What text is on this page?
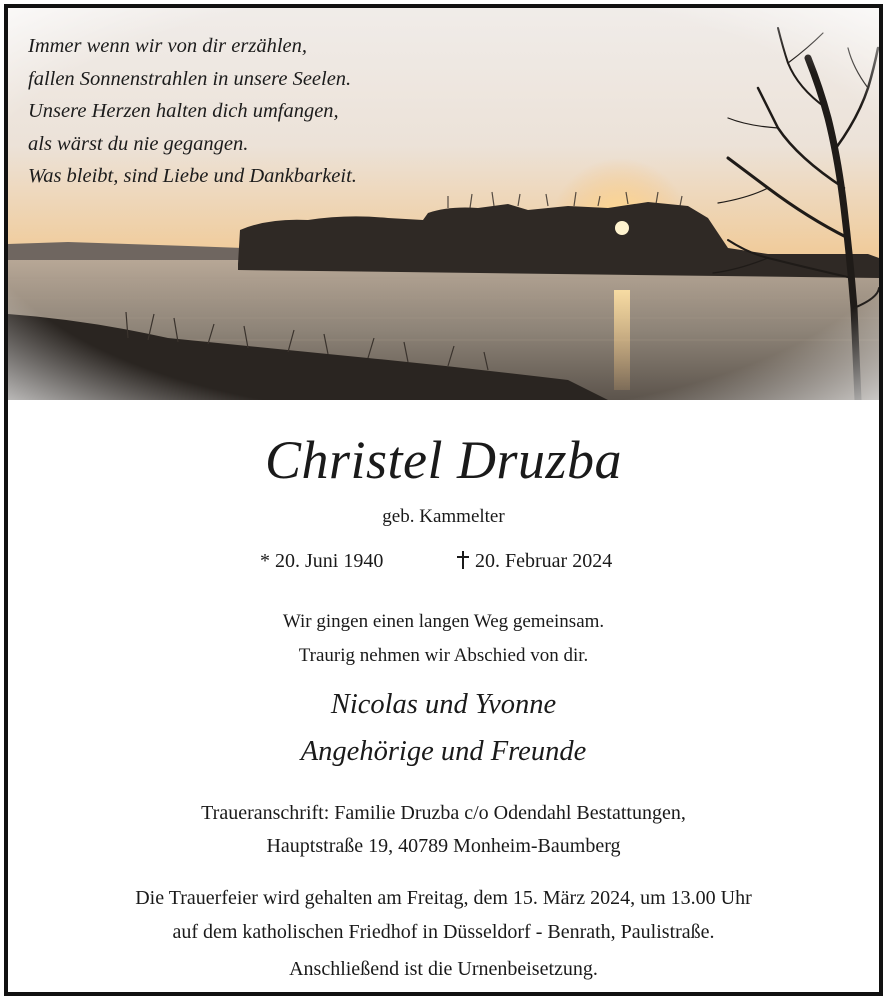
Immer wenn wir von dir erzählen,
fallen Sonnenstrahlen in unsere Seelen.
Unsere Herzen halten dich umfangen,
als wärst du nie gegangen.
Was bleibt, sind Liebe und Dankbarkeit.
Christel Druzba
geb. Kammelter
* 20. Juni 1940	20. Februar 2024
Wir gingen einen langen Weg gemeinsam.
Traurig nehmen wir Abschied von dir.
Nicolas und Yvonne
Angehörige und Freunde
Traueranschrift: Familie Druzba c/o Odendahl Bestattungen,
Hauptstraße 19, 40789 Monheim-Baumberg
Die Trauerfeier wird gehalten am Freitag, dem 15. März 2024, um 13.00 Uhr
auf dem katholischen Friedhof in Düsseldorf - Benrath, Paulistraße.
Anschließend ist die Urnenbeisetzung.
